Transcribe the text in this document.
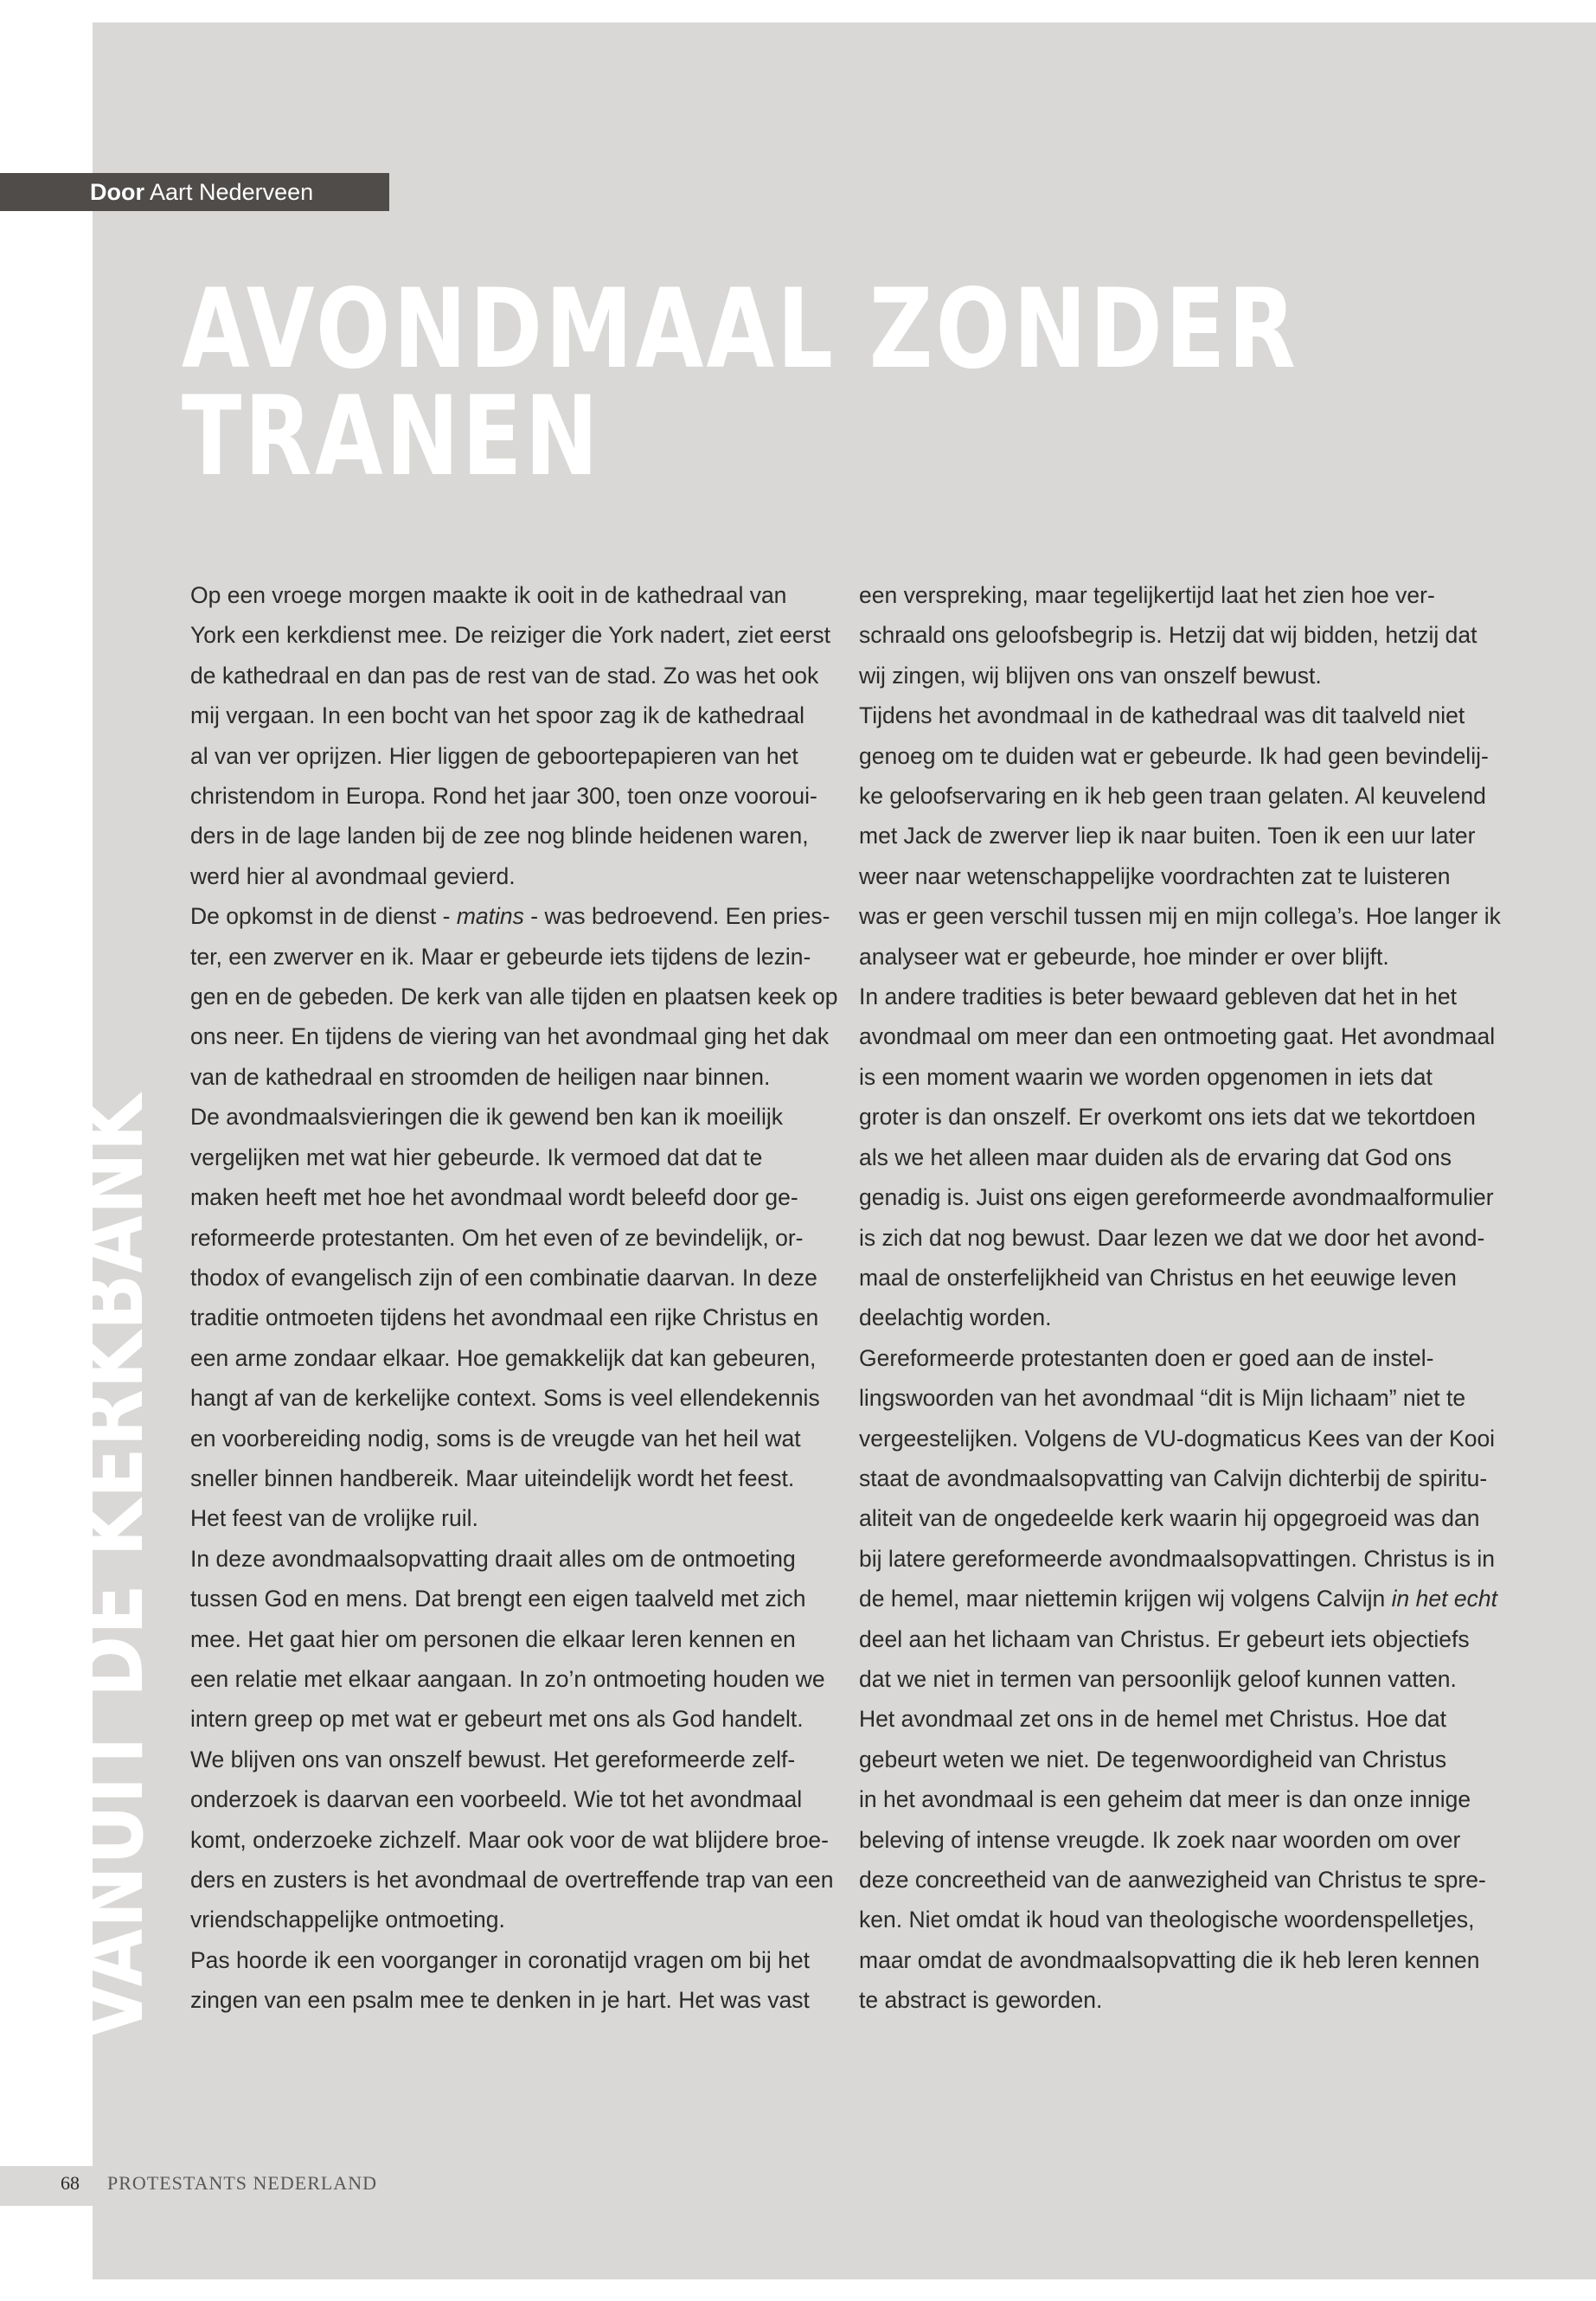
Door Aart Nederveen
AVONDMAAL ZONDER
TRANEN
VANUIT DE KERKBANK

Op een vroege morgen maakte ik ooit in de kathedraal van

York een kerkdienst mee. De reiziger die York nadert, ziet eerst

de kathedraal en dan pas de rest van de stad. Zo was het ook

mij vergaan. In een bocht van het spoor zag ik de kathedraal

al van ver oprijzen. Hier liggen de geboortepapieren van het

christendom in Europa. Rond het jaar 300, toen onze vooroui-

ders in de lage landen bij de zee nog blinde heidenen waren,

werd hier al avondmaal gevierd.

De opkomst in de dienst - matins - was bedroevend. Een pries-

ter, een zwerver en ik. Maar er gebeurde iets tijdens de lezin-

gen en de gebeden. De kerk van alle tijden en plaatsen keek op

ons neer. En tijdens de viering van het avondmaal ging het dak

van de kathedraal en stroomden de heiligen naar binnen.

De avondmaalsvieringen die ik gewend ben kan ik moeilijk

vergelijken met wat hier gebeurde. Ik vermoed dat dat te

maken heeft met hoe het avondmaal wordt beleefd door ge-

reformeerde protestanten. Om het even of ze bevindelijk, or-

thodox of evangelisch zijn of een combinatie daarvan. In deze

traditie ontmoeten tijdens het avondmaal een rijke Christus en

een arme zondaar elkaar. Hoe gemakkelijk dat kan gebeuren,

hangt af van de kerkelijke context. Soms is veel ellendekennis

en voorbereiding nodig, soms is de vreugde van het heil wat

sneller binnen handbereik. Maar uiteindelijk wordt het feest.

Het feest van de vrolijke ruil.

In deze avondmaalsopvatting draait alles om de ontmoeting

tussen God en mens. Dat brengt een eigen taalveld met zich

mee. Het gaat hier om personen die elkaar leren kennen en

een relatie met elkaar aangaan. In zo’n ontmoeting houden we

intern greep op met wat er gebeurt met ons als God handelt.

We blijven ons van onszelf bewust. Het gereformeerde zelf-

onderzoek is daarvan een voorbeeld. Wie tot het avondmaal

komt, onderzoeke zichzelf. Maar ook voor de wat blijdere broe-

ders en zusters is het avondmaal de overtreffende trap van een

vriendschappelijke ontmoeting.

Pas hoorde ik een voorganger in coronatijd vragen om bij het

zingen van een psalm mee te denken in je hart. Het was vast

een verspreking, maar tegelijkertijd laat het zien hoe ver-

schraald ons geloofsbegrip is. Hetzij dat wij bidden, hetzij dat

wij zingen, wij blijven ons van onszelf bewust.

Tijdens het avondmaal in de kathedraal was dit taalveld niet

genoeg om te duiden wat er gebeurde. Ik had geen bevindelij-

ke geloofservaring en ik heb geen traan gelaten. Al keuvelend

met Jack de zwerver liep ik naar buiten. Toen ik een uur later

weer naar wetenschappelijke voordrachten zat te luisteren

was er geen verschil tussen mij en mijn collega’s. Hoe langer ik

analyseer wat er gebeurde, hoe minder er over blijft.

In andere tradities is beter bewaard gebleven dat het in het

avondmaal om meer dan een ontmoeting gaat. Het avondmaal

is een moment waarin we worden opgenomen in iets dat

groter is dan onszelf. Er overkomt ons iets dat we tekortdoen

als we het alleen maar duiden als de ervaring dat God ons

genadig is. Juist ons eigen gereformeerde avondmaalformulier

is zich dat nog bewust. Daar lezen we dat we door het avond-

maal de onsterfelijkheid van Christus en het eeuwige leven

deelachtig worden.

Gereformeerde protestanten doen er goed aan de instel-

lingswoorden van het avondmaal “dit is Mijn lichaam” niet te

vergeestelijken. Volgens de VU-dogmaticus Kees van der Kooi

staat de avondmaalsopvatting van Calvijn dichterbij de spiritu-

aliteit van de ongedeelde kerk waarin hij opgegroeid was dan

bij latere gereformeerde avondmaalsopvattingen. Christus is in

de hemel, maar niettemin krijgen wij volgens Calvijn in het echt

deel aan het lichaam van Christus. Er gebeurt iets objectiefs

dat we niet in termen van persoonlijk geloof kunnen vatten.

Het avondmaal zet ons in de hemel met Christus. Hoe dat

gebeurt weten we niet. De tegenwoordigheid van Christus

in het avondmaal is een geheim dat meer is dan onze innige

beleving of intense vreugde. Ik zoek naar woorden om over

deze concreetheid van de aanwezigheid van Christus te spre-

ken. Niet omdat ik houd van theologische woordenspelletjes,

maar omdat de avondmaalsopvatting die ik heb leren kennen

te abstract is geworden.

68 PROTESTANTS NEDERLAND
